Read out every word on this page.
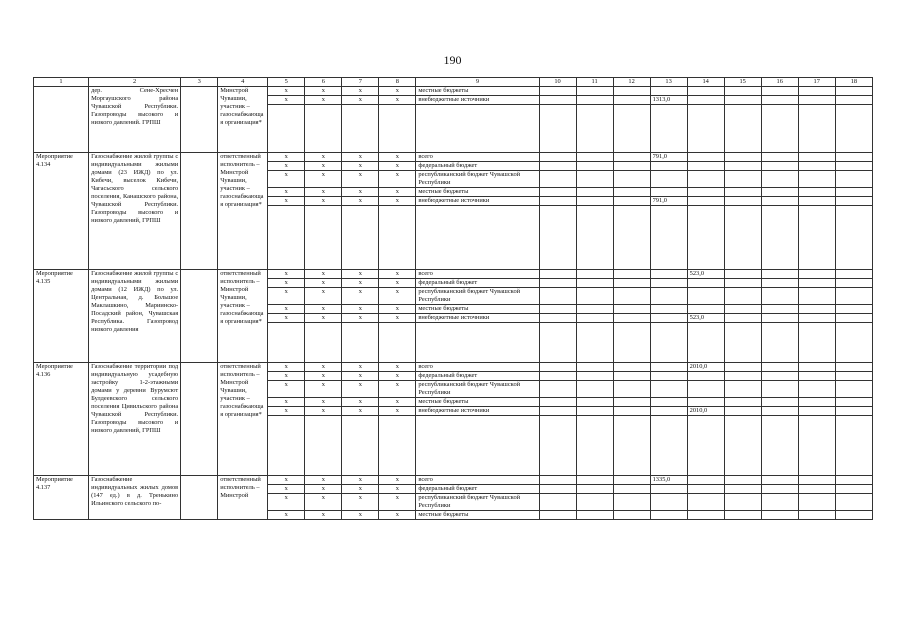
190
1	2	3	4	5	6	7	8	9	10	11	12	13	14	15	16	17	18
	дер. Сене-Хресчен Моргаушского района Чувашской Республики. Газопроводы высокого и низкого давлений. ГРПШ		Минстрой Чувашии, участник – газоснабжающая организация*	x	x	x	x	местные бюджеты									
				x	x	x	x	внебюджетные источники				1313,0					

Мероприятие 4.134	Газоснабжение жилой группы с индивидуальными жилыми домами (23 ИЖД) по ул. Кибечи, выселок Кибечи, Чагасьского сельского поселения, Канашского района, Чувашской Республики. Газопроводы высокого и низкого давлений, ГРПШ		ответственный исполнитель – Минстрой Чувашии, участник – газоснабжающая организация*	x	x	x	x	всего				791,0					
				x	x	x	x	федеральный бюджет									
				x	x	x	x	республиканский бюджет Чувашской Республики									
				x	x	x	x	местные бюджеты									
				x	x	x	x	внебюджетные источники				791,0					

Мероприятие 4.135	Газоснабжение жилой группы с индивидуальными жилыми домами (12 ИЖД) по ул. Центральная, д. Большое Маклашкино, Мариинско-Посадский район, Чувашская Республика. Газопровод низкого давления		ответственный исполнитель – Минстрой Чувашии, участник – газоснабжающая организация*	x	x	x	x	всего					523,0				
				x	x	x	x	федеральный бюджет									
				x	x	x	x	республиканский бюджет Чувашской Республики									
				x	x	x	x	местные бюджеты									
				x	x	x	x	внебюджетные источники					523,0				

Мероприятие 4.136	Газоснабжение территории под индивидуальную усадебную застройку 1-2-этажными домами у деревни Вурумсют Булдеевского сельского поселения Цивильского района Чувашской Республики. Газопроводы высокого и низкого давлений, ГРПШ		ответственный исполнитель – Минстрой Чувашии, участник – газоснабжающая организация*	x	x	x	x	всего					2010,0				
				x	x	x	x	федеральный бюджет									
				x	x	x	x	республиканский бюджет Чувашской Республики									
				x	x	x	x	местные бюджеты									
				x	x	x	x	внебюджетные источники					2010,0				

Мероприятие 4.137	Газоснабжение индивидуальных жилых домов (147 ед.) в д. Тренькино Ильинского сельского по-		ответственный исполнитель – Минстрой	x	x	x	x	всего				1335,0					
				x	x	x	x	федеральный бюджет									
				x	x	x	x	республиканский бюджет Чувашской Республики									
				x	x	x	x	местные бюджеты									
